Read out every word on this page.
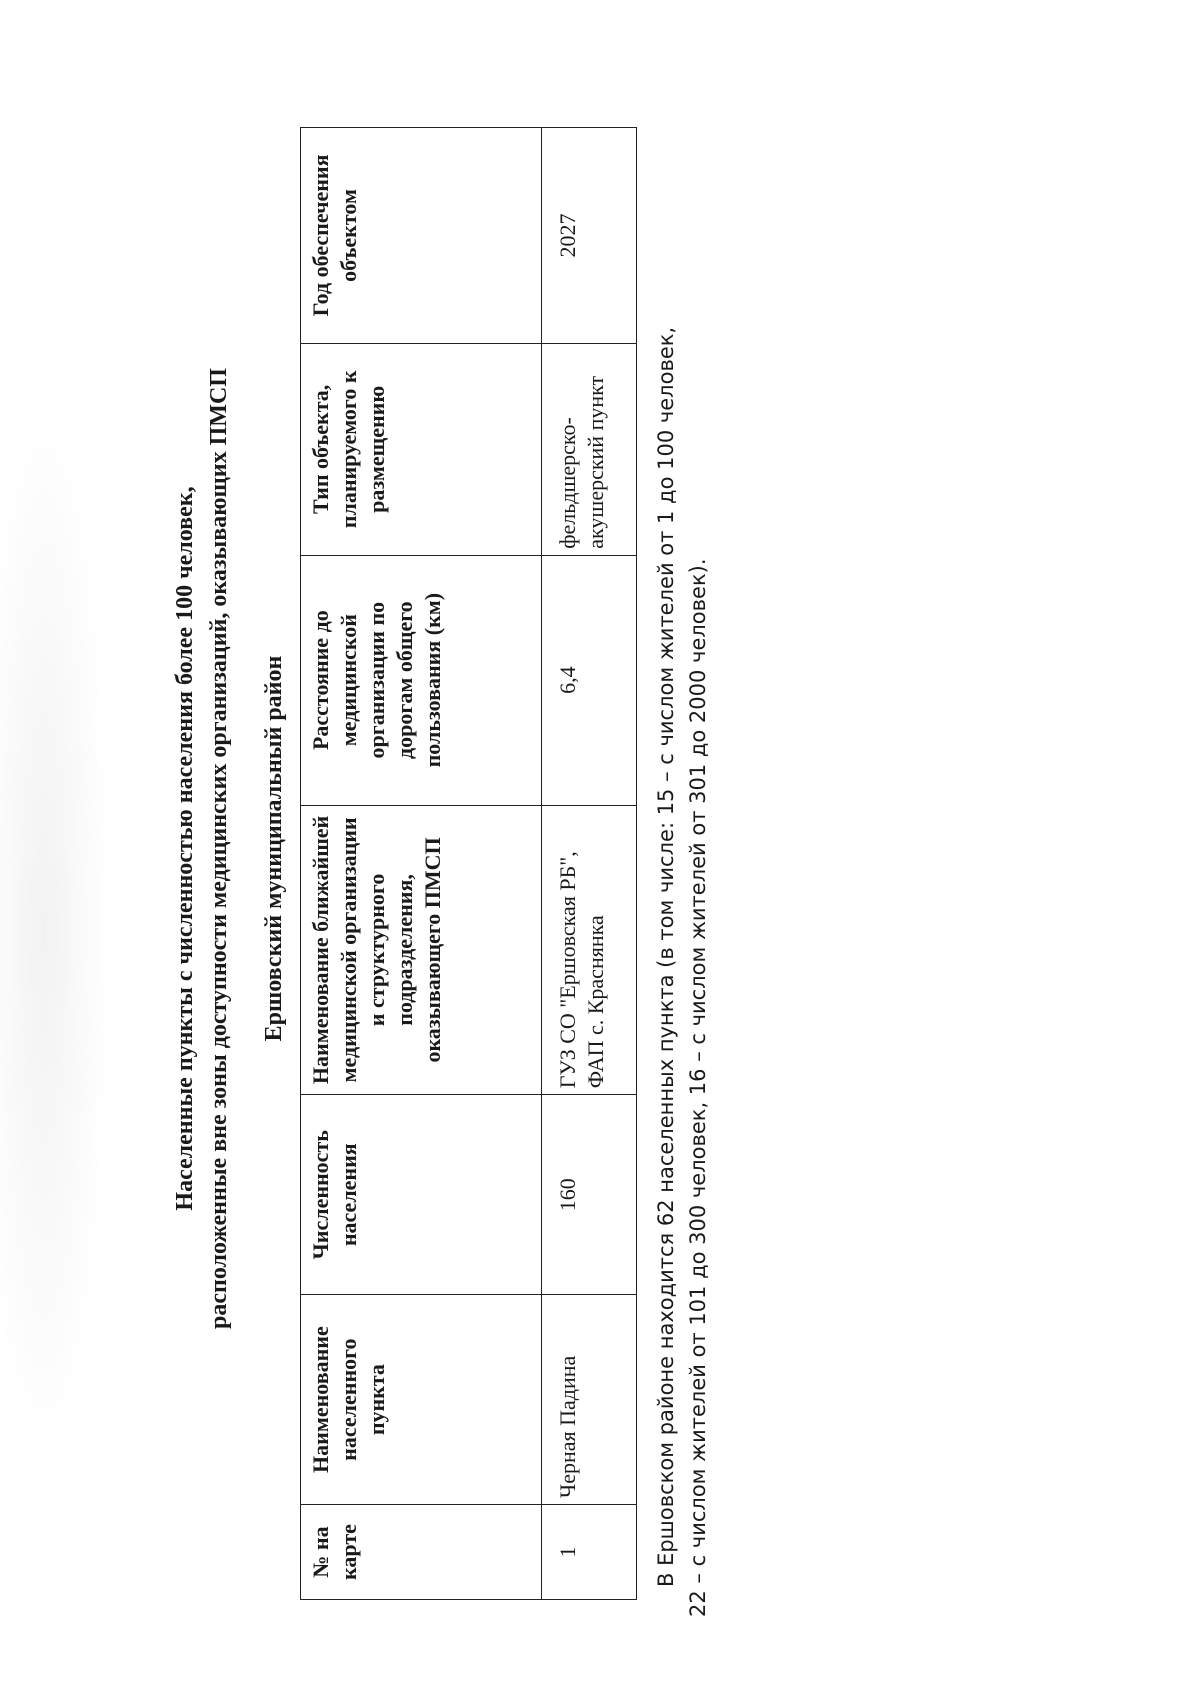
Населенные пункты с численностью населения более 100 человек, расположенные вне зоны доступности медицинских организаций, оказывающих ПМСП Ершовский муниципальный район
№ на карте	Наименование населенного пункта	Численность населения	Наименование ближайшей медицинской организации и структурного подразделения, оказывающего ПМСП	Расстояние до медицинской организации по дорогам общего пользования (км)	Тип объекта, планируемого к размещению	Год обеспечения объектом
1	Черная Падина	160	ГУЗ СО "Ершовская РБ", ФАП с. Краснянка	6,4	фельдшерско-акушерский пункт	2027
В Ершовском районе находится 62 населенных пункта (в том числе: 15 – с числом жителей от 1 до 100 человек, 22 – с числом жителей от 101 до 300 человек, 16 – с числом жителей от 301 до 2000 человек).
